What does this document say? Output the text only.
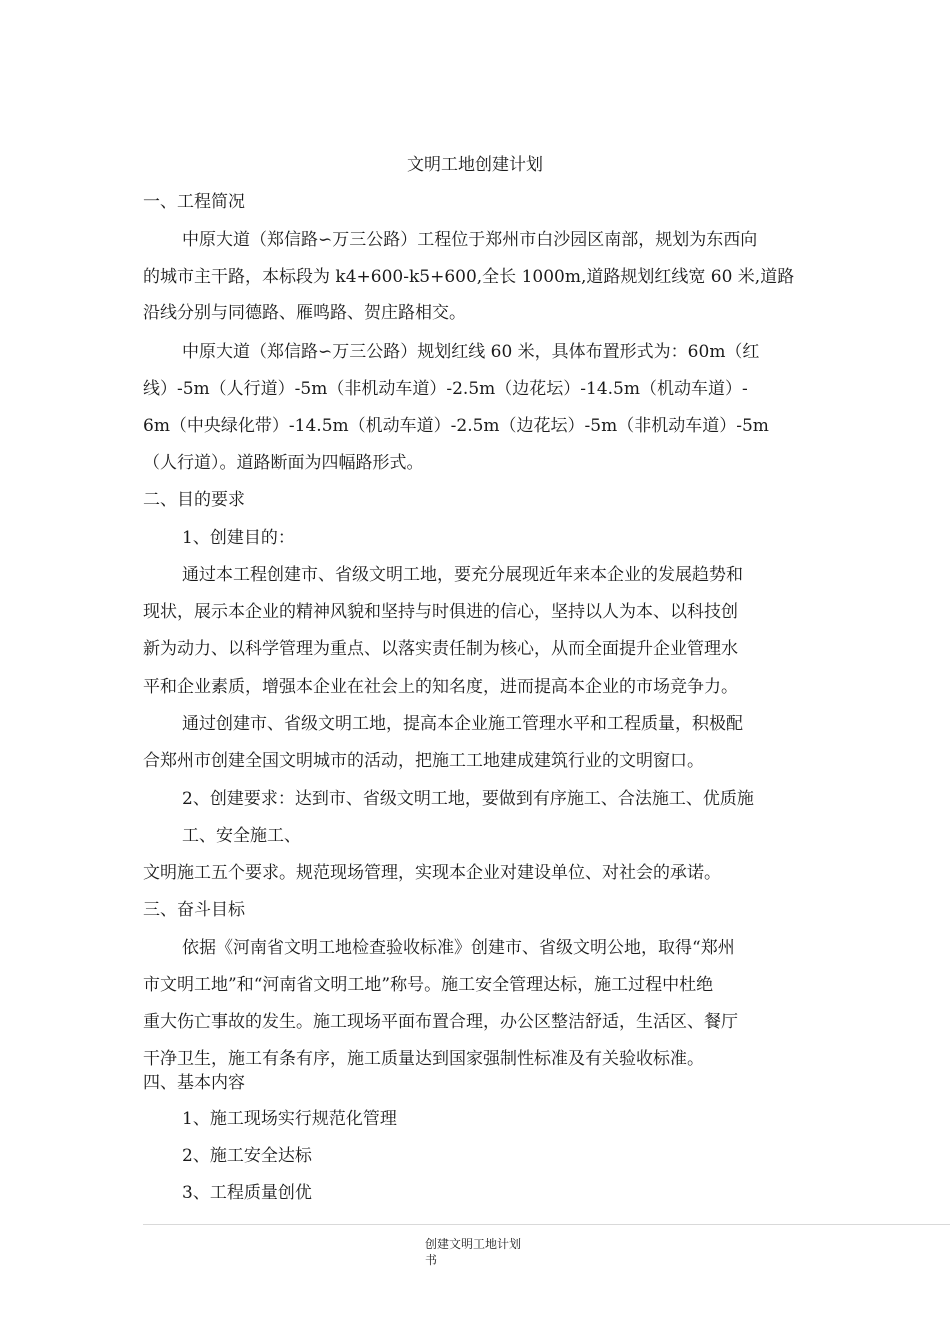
文明工地创建计划

一、工程简况

中原大道（郑信路∽万三公路）工程位于郑州市白沙园区南部，规划为东西向

的城市主干路，本标段为 k4+600-k5+600,全长 1000m,道路规划红线宽 60 米,道路

沿线分别与同德路、雁鸣路、贺庄路相交。

中原大道（郑信路∽万三公路）规划红线 60 米，具体布置形式为：60m（红

线）-5m（人行道）-5m（非机动车道）-2.5m（边花坛）-14.5m（机动车道）-

6m（中央绿化带）-14.5m（机动车道）-2.5m（边花坛）-5m（非机动车道）-5m

（人行道）。道路断面为四幅路形式。

二、目的要求

1、创建目的：

通过本工程创建市、省级文明工地，要充分展现近年来本企业的发展趋势和

现状，展示本企业的精神风貌和坚持与时俱进的信心，坚持以人为本、以科技创

新为动力、以科学管理为重点、以落实责任制为核心，从而全面提升企业管理水

平和企业素质，增强本企业在社会上的知名度，进而提高本企业的市场竞争力。

通过创建市、省级文明工地，提高本企业施工管理水平和工程质量，积极配

合郑州市创建全国文明城市的活动，把施工工地建成建筑行业的文明窗口。

2、创建要求：达到市、省级文明工地，要做到有序施工、合法施工、优质施

工、安全施工、

文明施工五个要求。规范现场管理，实现本企业对建设单位、对社会的承诺。

三、奋斗目标

依据《河南省文明工地检查验收标准》创建市、省级文明公地，取得“郑州

市文明工地”和“河南省文明工地”称号。施工安全管理达标，施工过程中杜绝

重大伤亡事故的发生。施工现场平面布置合理，办公区整洁舒适，生活区、餐厅

干净卫生，施工有条有序，施工质量达到国家强制性标准及有关验收标准。

四、基本内容

1、施工现场实行规范化管理

2、施工安全达标

3、工程质量创优

创建文明工地计划
书
